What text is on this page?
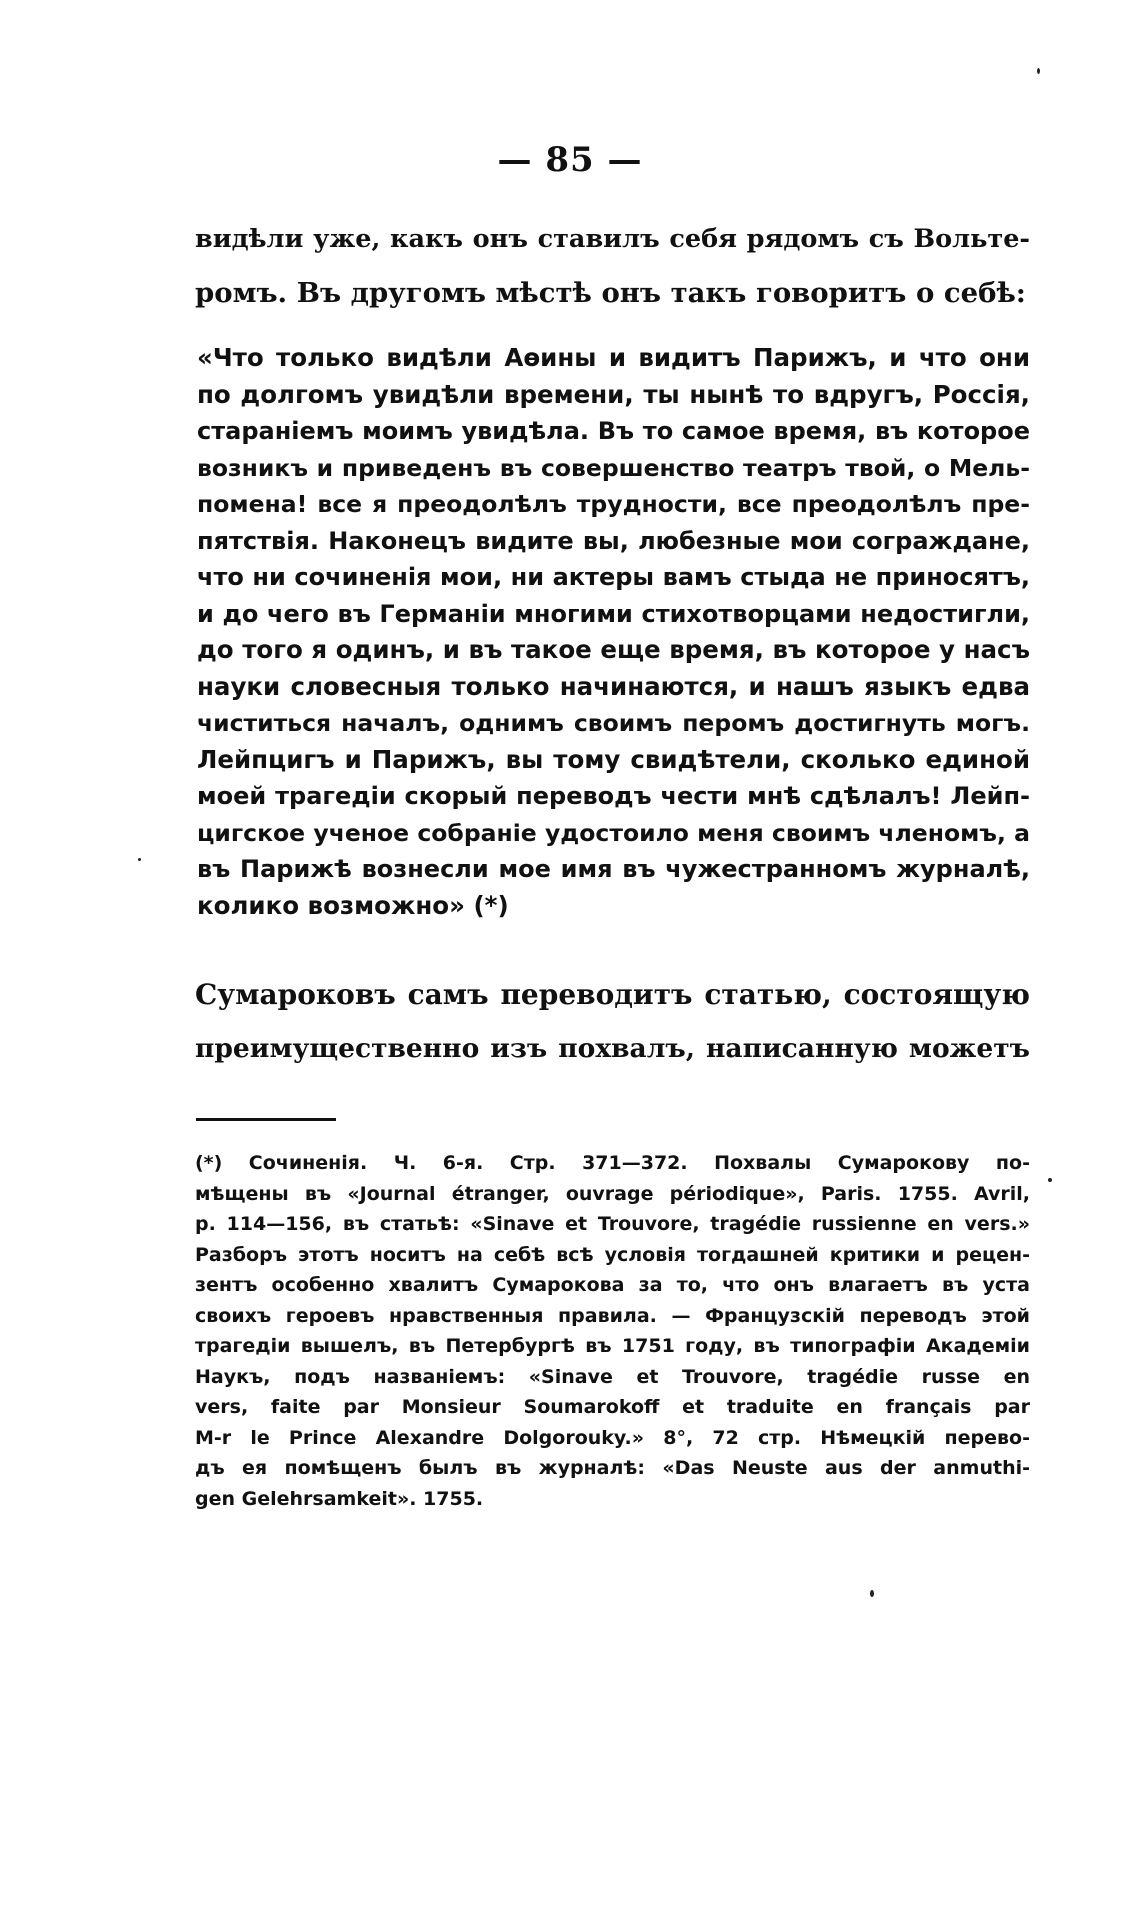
— 85 —
видѣли уже, какъ онъ ставилъ себя рядомъ съ Вольте-
ромъ. Въ другомъ мѣстѣ онъ такъ говоритъ о себѣ:
«Что только видѣли Аѳины и видитъ Парижъ, и что они
по долгомъ увидѣли времени, ты нынѣ то вдругъ, Россія,
стараніемъ моимъ увидѣла. Въ то самое время, въ которое
возникъ и приведенъ въ совершенство театръ твой, о Мель-
помена! все я преодолѣлъ трудности, все преодолѣлъ пре-
пятствія. Наконецъ видите вы, любезные мои сограждане,
что ни сочиненія мои, ни актеры вамъ стыда не приносятъ,
и до чего въ Германіи многими стихотворцами недостигли,
до того я одинъ, и въ такое еще время, въ которое у насъ
науки словесныя только начинаются, и нашъ языкъ едва
чиститься началъ, однимъ своимъ перомъ достигнуть могъ.
Лейпцигъ и Парижъ, вы тому свидѣтели, сколько единой
моей трагедіи скорый переводъ чести мнѣ сдѣлалъ! Лейп-
цигское ученое собраніе удостоило меня своимъ членомъ, а
въ Парижѣ вознесли мое имя въ чужестранномъ журналѣ,
колико возможно» (*)
Сумароковъ самъ переводитъ статью, состоящую
преимущественно изъ похвалъ, написанную можетъ
(*) Сочиненія. Ч. 6-я. Стр. 371—372. Похвалы Сумарокову по-
мѣщены въ «Journal étranger, ouvrage périodique», Paris. 1755. Avril,
p. 114—156, въ статьѣ: «Sinave et Trouvore, tragédie russienne en vers.»
Разборъ этотъ носитъ на себѣ всѣ условія тогдашней критики и рецен-
зентъ особенно хвалитъ Сумарокова за то, что онъ влагаетъ въ уста
своихъ героевъ нравственныя правила. — Французскій переводъ этой
трагедіи вышелъ, въ Петербургѣ въ 1751 году, въ типографіи Академіи
Наукъ, подъ названіемъ: «Sinave et Trouvore, tragédie russe en
vers, faite par Monsieur Soumarokoff et traduite en français par
M-r le Prince Alexandre Dolgorouky.» 8°, 72 стр. Нѣмецкій перево-
дъ ея помѣщенъ былъ въ журналѣ: «Das Neuste aus der anmuthi-
gen Gelehrsamkeit». 1755.
